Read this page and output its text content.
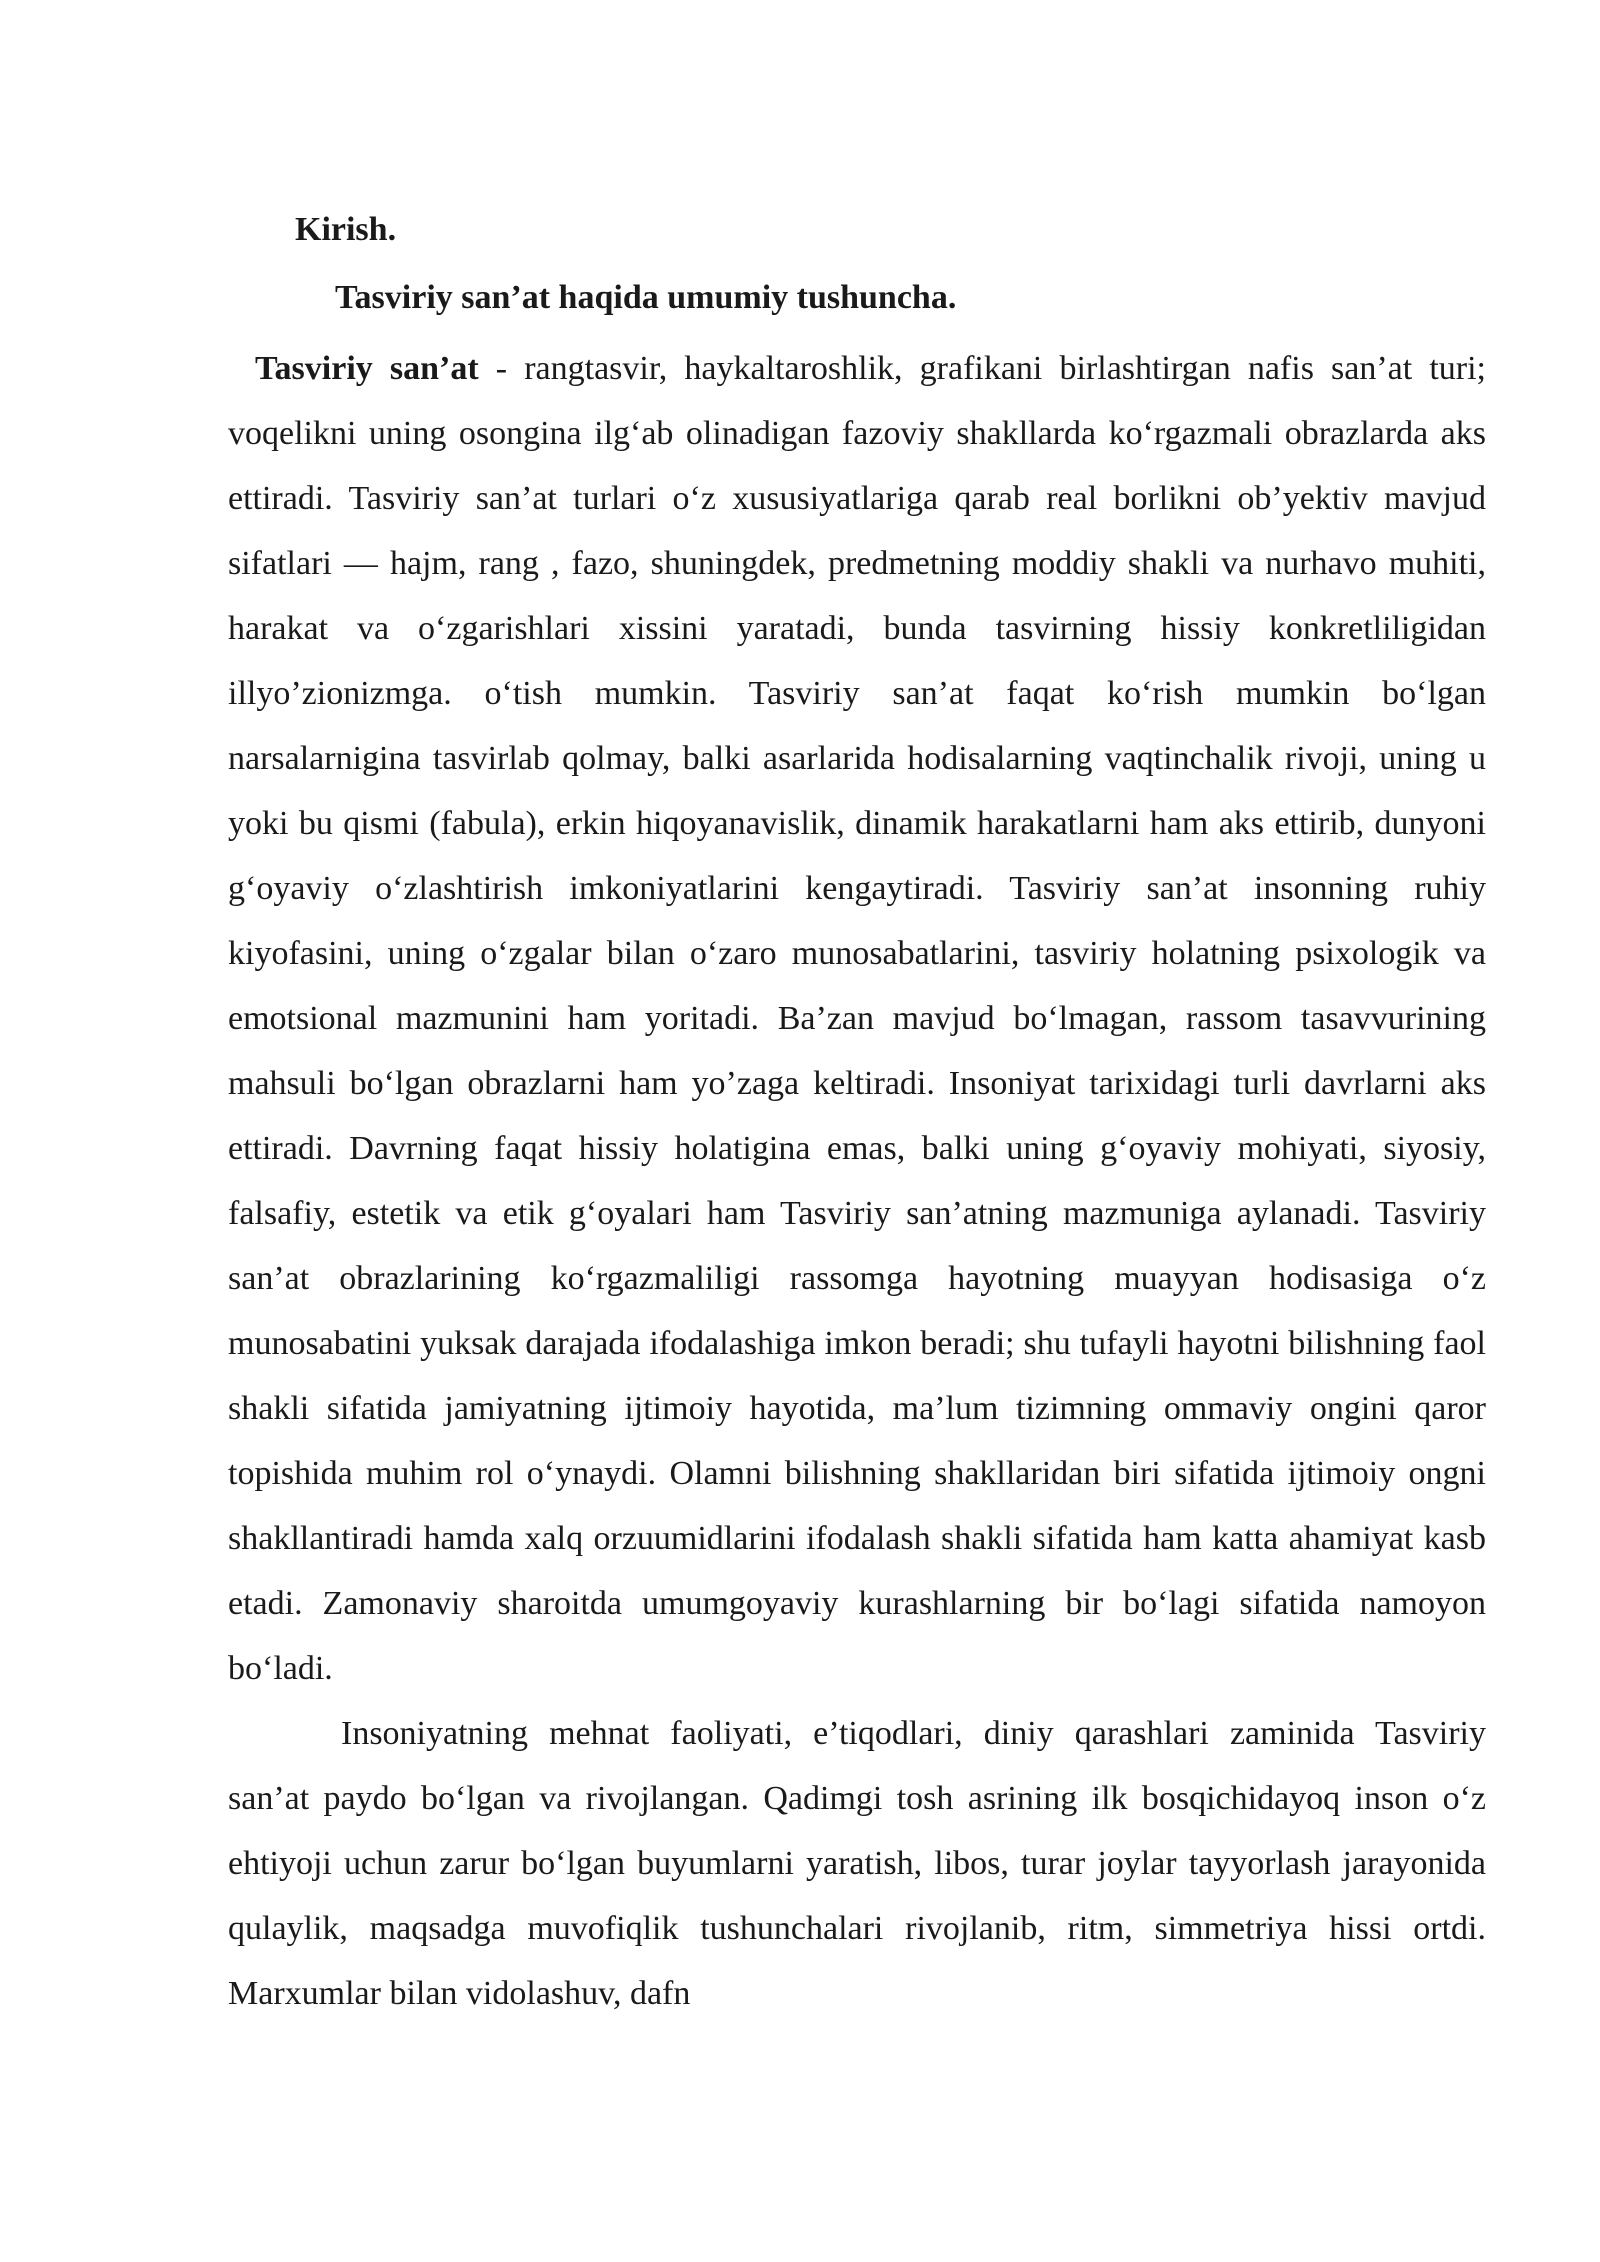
Kirish.
Tasviriy san’at haqida umumiy tushuncha.

Tasviriy san’at - rangtasvir, haykaltaroshlik, grafikani birlashtirgan nafis san’at turi; voqelikni uning osongina ilg‘ab olinadigan fazoviy shakllarda ko‘rgazmali obrazlarda aks ettiradi. Tasviriy san’at turlari o‘z xususiyatlariga qarab real borlikni ob’yektiv mavjud sifatlari — hajm, rang , fazo, shuningdek, predmetning moddiy shakli va nurhavo muhiti, harakat va o‘zgarishlari xissini yaratadi, bunda tasvirning hissiy konkretliligidan illyo’zionizmga. o‘tish mumkin. Tasviriy san’at faqat ko‘rish mumkin bo‘lgan narsalarnigina tasvirlab qolmay, balki asarlarida hodisalarning vaqtinchalik rivoji, uning u yoki bu qismi (fabula), erkin hiqoyanavislik, dinamik harakatlarni ham aks ettirib, dunyoni g‘oyaviy o‘zlashtirish imkoniyatlarini kengaytiradi. Tasviriy san’at insonning ruhiy kiyofasini, uning o‘zgalar bilan o‘zaro munosabatlarini, tasviriy holatning psixologik va emotsional mazmunini ham yoritadi. Ba’zan mavjud bo‘lmagan, rassom tasavvurining mahsuli bo‘lgan obrazlarni ham yo’zaga keltiradi. Insoniyat tarixidagi turli davrlarni aks ettiradi. Davrning faqat hissiy holatigina emas, balki uning g‘oyaviy mohiyati, siyosiy, falsafiy, estetik va etik g‘oyalari ham Tasviriy san’atning mazmuniga aylanadi. Tasviriy san’at obrazlarining ko‘rgazmaliligi rassomga hayotning muayyan hodisasiga o‘z munosabatini yuksak darajada ifodalashiga imkon beradi; shu tufayli hayotni bilishning faol shakli sifatida jamiyatning ijtimoiy hayotida, ma’lum tizimning ommaviy ongini qaror topishida muhim rol o‘ynaydi. Olamni bilishning shakllaridan biri sifatida ijtimoiy ongni shakllantiradi hamda xalq orzuumidlarini ifodalash shakli sifatida ham katta ahamiyat kasb etadi. Zamonaviy sharoitda umumgoyaviy kurashlarning bir bo‘lagi sifatida namoyon bo‘ladi.

Insoniyatning mehnat faoliyati, e’tiqodlari, diniy qarashlari zaminida Tasviriy san’at paydo bo‘lgan va rivojlangan. Qadimgi tosh asrining ilk bosqichidayoq inson o‘z ehtiyoji uchun zarur bo‘lgan buyumlarni yaratish, libos, turar joylar tayyorlash jarayonida qulaylik, maqsadga muvofiqlik tushunchalari rivojlanib, ritm, simmetriya hissi ortdi. Marxumlar bilan vidolashuv, dafn
